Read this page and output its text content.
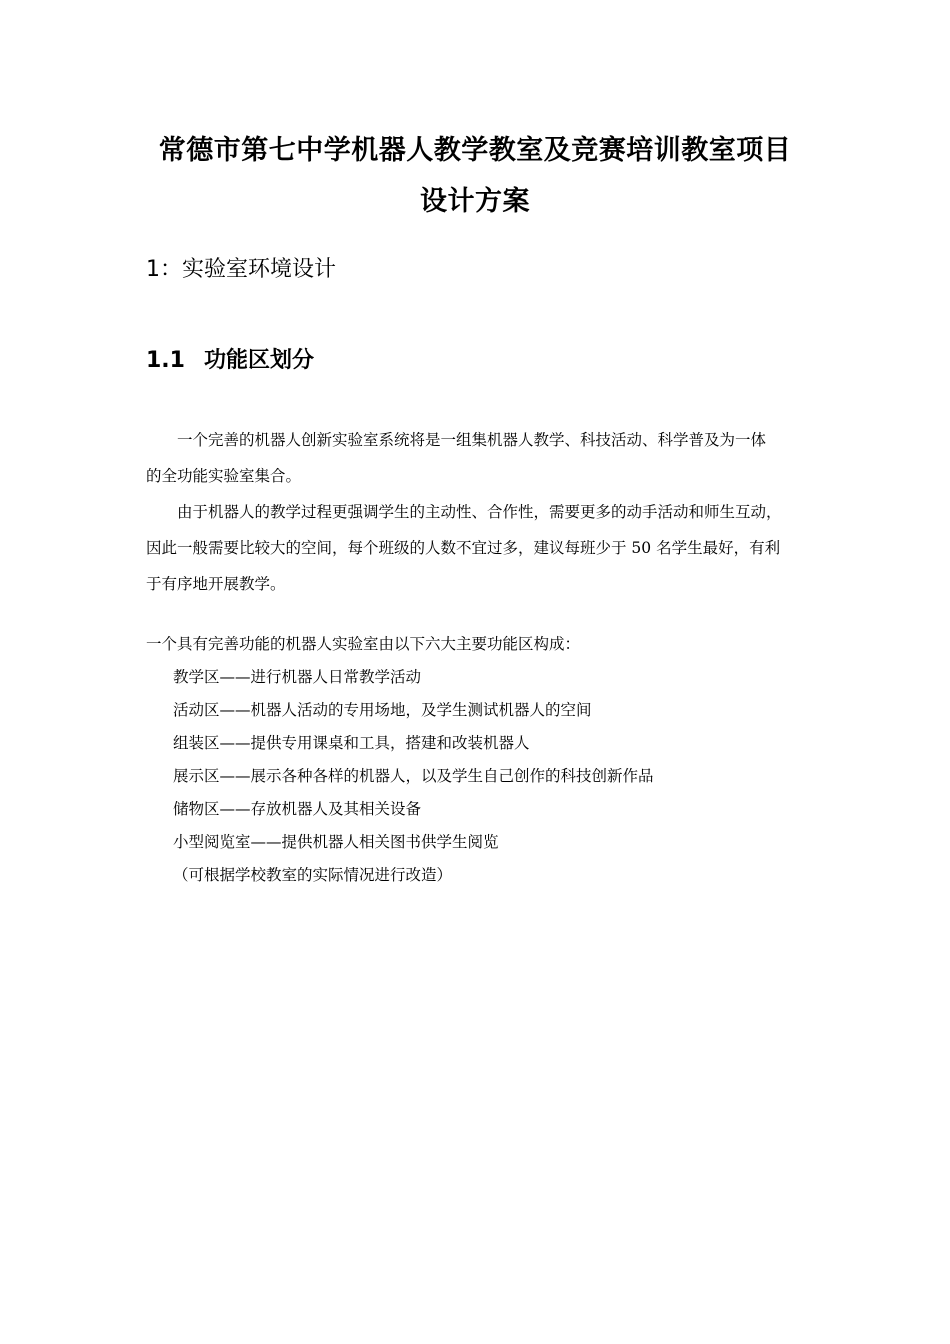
常德市第七中学机器人教学教室及竞赛培训教室项目
设计方案
1：实验室环境设计
1.1 功能区划分
一个完善的机器人创新实验室系统将是一组集机器人教学、科技活动、科学普及为一体
的全功能实验室集合。
由于机器人的教学过程更强调学生的主动性、合作性，需要更多的动手活动和师生互动，
因此一般需要比较大的空间，每个班级的人数不宜过多，建议每班少于 50 名学生最好，有利
于有序地开展教学。
一个具有完善功能的机器人实验室由以下六大主要功能区构成：
教学区——进行机器人日常教学活动
活动区——机器人活动的专用场地，及学生测试机器人的空间
组装区——提供专用课桌和工具，搭建和改装机器人
展示区——展示各种各样的机器人，以及学生自己创作的科技创新作品
储物区——存放机器人及其相关设备
小型阅览室——提供机器人相关图书供学生阅览
（可根据学校教室的实际情况进行改造）
